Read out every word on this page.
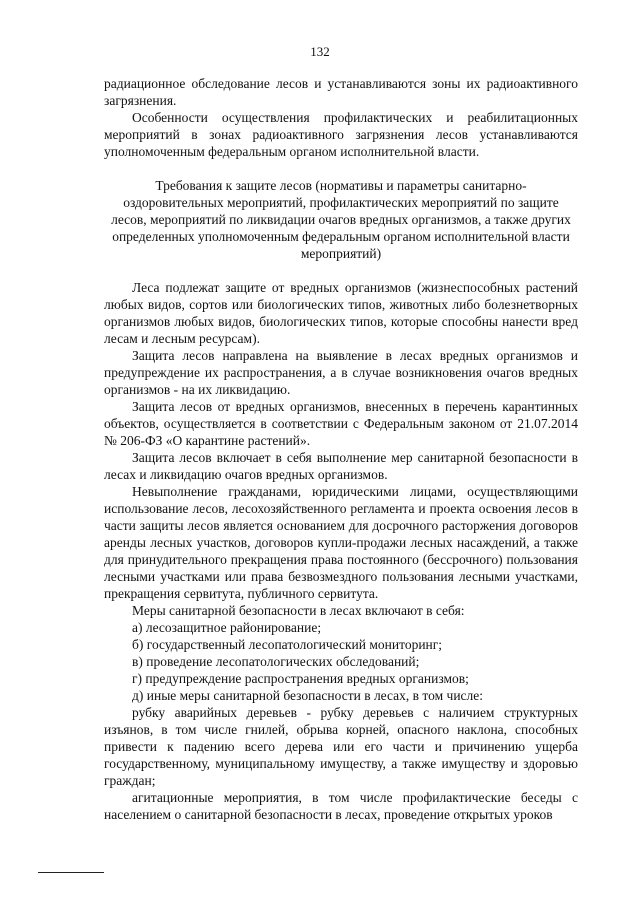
132

радиационное обследование лесов и устанавливаются зоны их радиоактивного загрязнения.

Особенности осуществления профилактических и реабилитационных мероприятий в зонах радиоактивного загрязнения лесов устанавливаются уполномоченным федеральным органом исполнительной власти.

Требования к защите лесов (нормативы и параметры санитарно-оздоровительных мероприятий, профилактических мероприятий по защите лесов, мероприятий по ликвидации очагов вредных организмов, а также других определенных уполномоченным федеральным органом исполнительной власти мероприятий)

Леса подлежат защите от вредных организмов (жизнеспособных растений любых видов, сортов или биологических типов, животных либо болезнетворных организмов любых видов, биологических типов, которые способны нанести вред лесам и лесным ресурсам).

Защита лесов направлена на выявление в лесах вредных организмов и предупреждение их распространения, а в случае возникновения очагов вредных организмов - на их ликвидацию.

Защита лесов от вредных организмов, внесенных в перечень карантинных объектов, осуществляется в соответствии с Федеральным законом от 21.07.2014 № 206-ФЗ «О карантине растений».

Защита лесов включает в себя выполнение мер санитарной безопасности в лесах и ликвидацию очагов вредных организмов.

Невыполнение гражданами, юридическими лицами, осуществляющими использование лесов, лесохозяйственного регламента и проекта освоения лесов в части защиты лесов является основанием для досрочного расторжения договоров аренды лесных участков, договоров купли-продажи лесных насаждений, а также для принудительного прекращения права постоянного (бессрочного) пользования лесными участками или права безвозмездного пользования лесными участками, прекращения сервитута, публичного сервитута.

Меры санитарной безопасности в лесах включают в себя:

а) лесозащитное районирование;

б) государственный лесопатологический мониторинг;

в) проведение лесопатологических обследований;

г) предупреждение распространения вредных организмов;

д) иные меры санитарной безопасности в лесах, в том числе:

рубку аварийных деревьев - рубку деревьев с наличием структурных изъянов, в том числе гнилей, обрыва корней, опасного наклона, способных привести к падению всего дерева или его части и причинению ущерба государственному, муниципальному имуществу, а также имуществу и здоровью граждан;

агитационные мероприятия, в том числе профилактические беседы с населением о санитарной безопасности в лесах, проведение открытых уроков
